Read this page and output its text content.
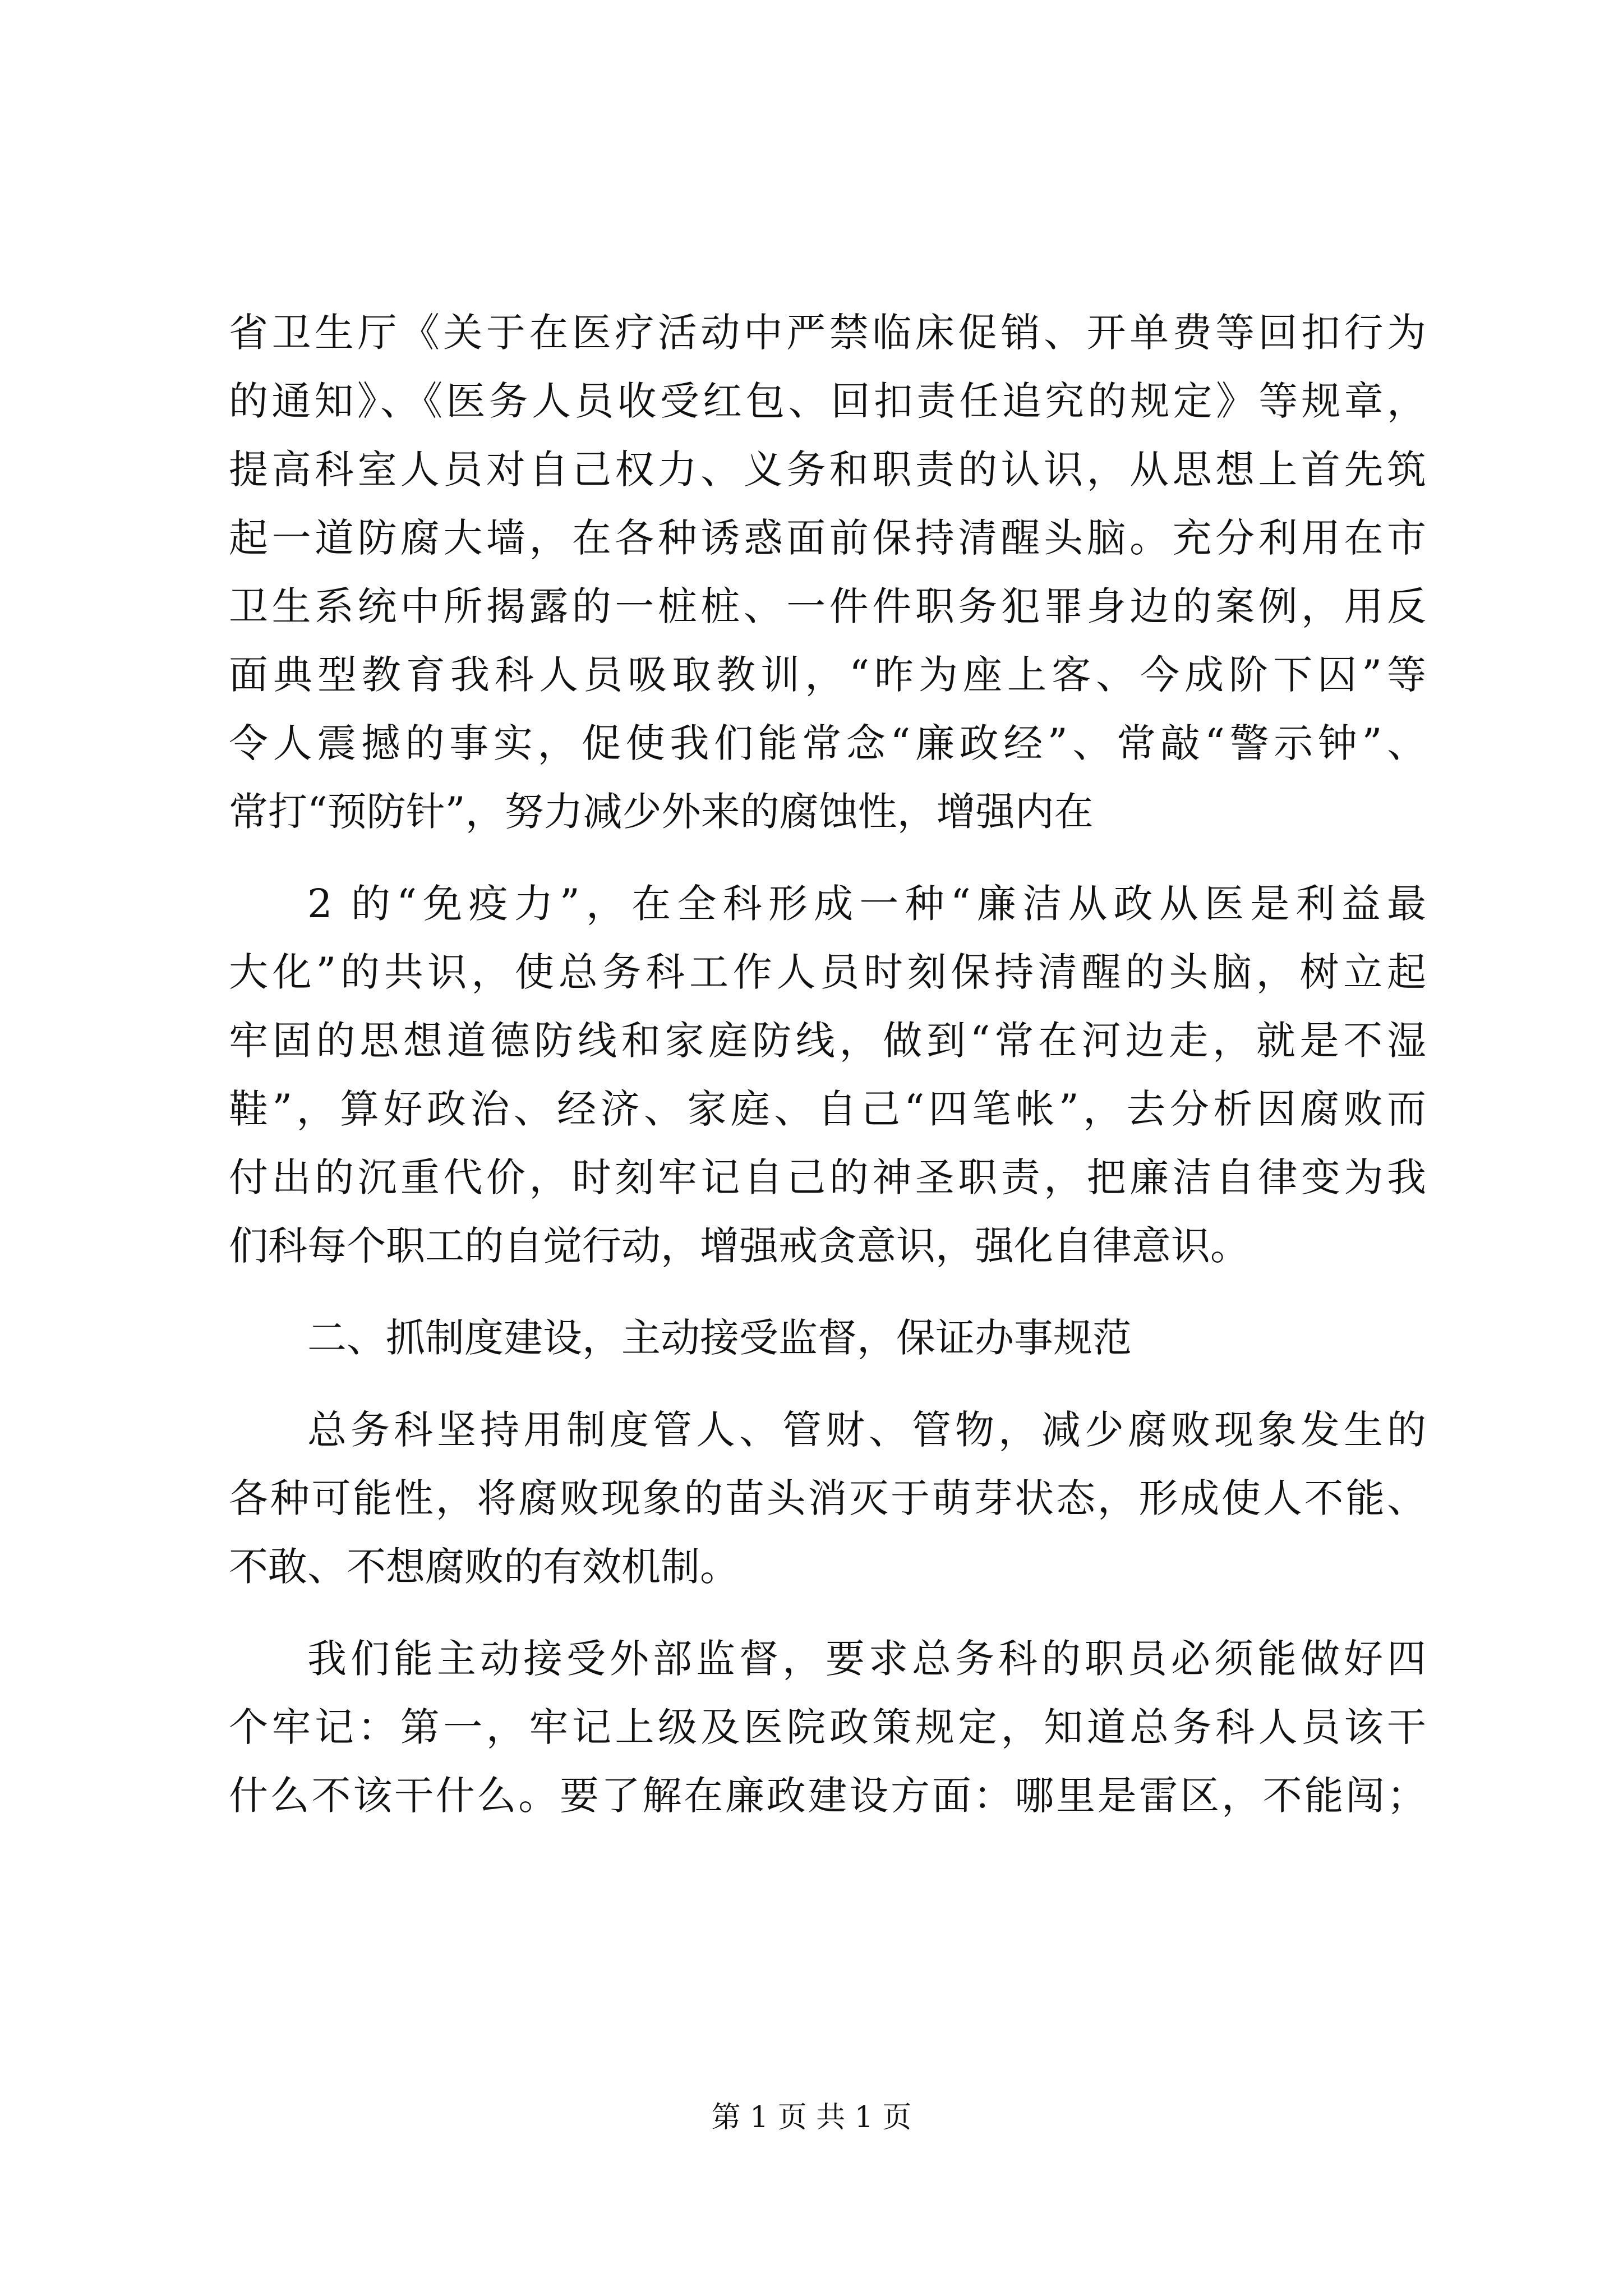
省卫生厅《关于在医疗活动中严禁临床促销、开单费等回扣行为
的通知》、《医务人员收受红包、回扣责任追究的规定》等规章，
提高科室人员对自己权力、义务和职责的认识，从思想上首先筑
起一道防腐大墙，在各种诱惑面前保持清醒头脑。充分利用在市
卫生系统中所揭露的一桩桩、一件件职务犯罪身边的案例，用反
面典型教育我科人员吸取教训，“昨为座上客、今成阶下囚”等
令人震撼的事实，促使我们能常念“廉政经”、常敲“警示钟”、
常打“预防针”，努力减少外来的腐蚀性，增强内在
2 的“免疫力”，在全科形成一种“廉洁从政从医是利益最
大化”的共识，使总务科工作人员时刻保持清醒的头脑，树立起
牢固的思想道德防线和家庭防线，做到“常在河边走，就是不湿
鞋”，算好政治、经济、家庭、自己“四笔帐”，去分析因腐败而
付出的沉重代价，时刻牢记自己的神圣职责，把廉洁自律变为我
们科每个职工的自觉行动，增强戒贪意识，强化自律意识。
二、抓制度建设，主动接受监督，保证办事规范
总务科坚持用制度管人、管财、管物，减少腐败现象发生的
各种可能性，将腐败现象的苗头消灭于萌芽状态，形成使人不能、
不敢、不想腐败的有效机制。
我们能主动接受外部监督，要求总务科的职员必须能做好四
个牢记：第一，牢记上级及医院政策规定，知道总务科人员该干
什么不该干什么。要了解在廉政建设方面：哪里是雷区，不能闯；
第 1 页 共 1 页
